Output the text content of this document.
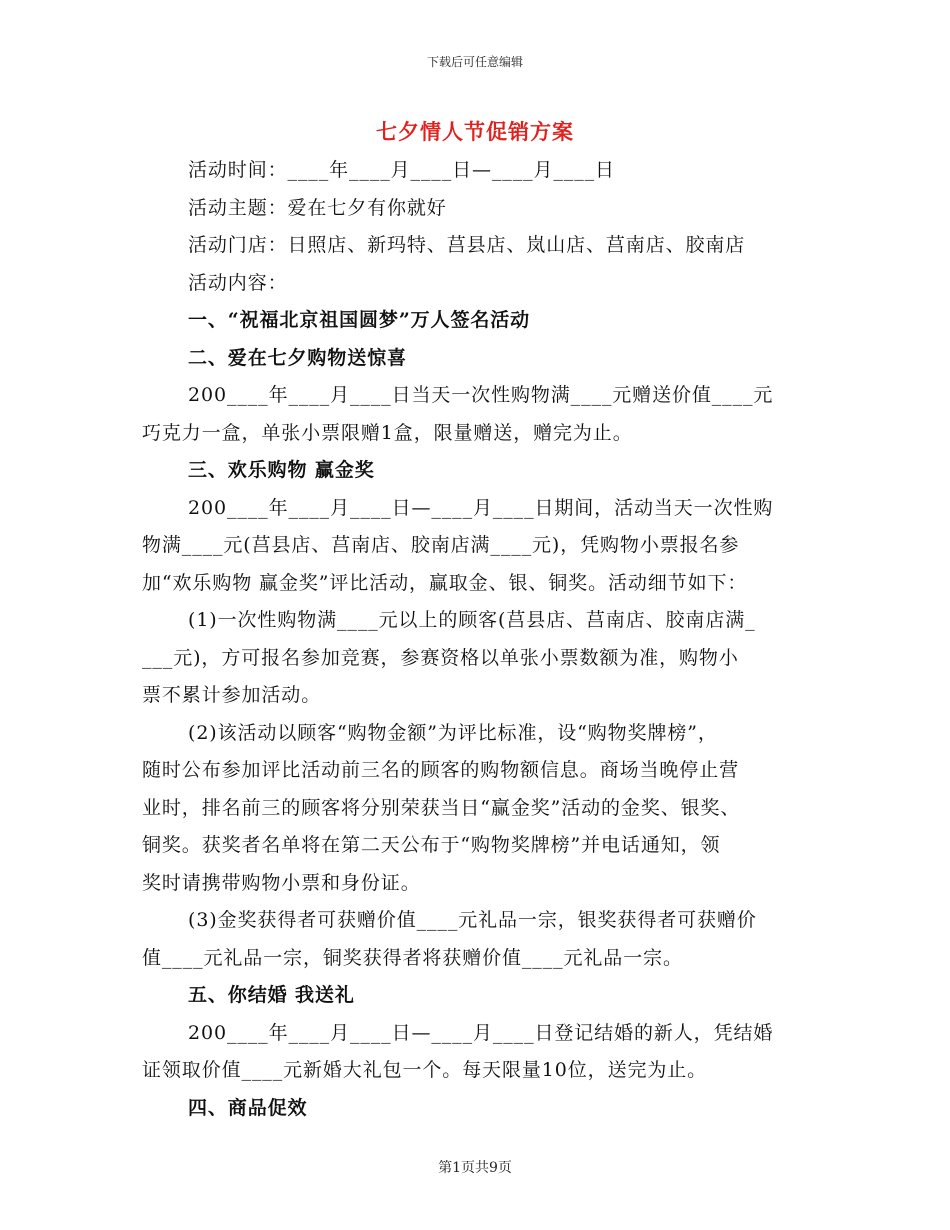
下载后可任意编辑
七夕情人节促销方案
活动时间：____年____月____日—____月____日
活动主题：爱在七夕有你就好
活动门店：日照店、新玛特、莒县店、岚山店、莒南店、胶南店
活动内容：
一、“祝福北京祖国圆梦”万人签名活动
二、爱在七夕购物送惊喜
200____年____月____日当天一次性购物满____元赠送价值____元
巧克力一盒，单张小票限赠1盒，限量赠送，赠完为止。
三、欢乐购物 赢金奖
200____年____月____日—____月____日期间，活动当天一次性购
物满____元(莒县店、莒南店、胶南店满____元)，凭购物小票报名参
加“欢乐购物 赢金奖”评比活动，赢取金、银、铜奖。活动细节如下：
(1)一次性购物满____元以上的顾客(莒县店、莒南店、胶南店满_
___元)，方可报名参加竞赛，参赛资格以单张小票数额为准，购物小
票不累计参加活动。
(2)该活动以顾客“购物金额”为评比标准，设“购物奖牌榜”，
随时公布参加评比活动前三名的顾客的购物额信息。商场当晚停止营
业时，排名前三的顾客将分别荣获当日“赢金奖”活动的金奖、银奖、
铜奖。获奖者名单将在第二天公布于“购物奖牌榜”并电话通知，领
奖时请携带购物小票和身份证。
(3)金奖获得者可获赠价值____元礼品一宗，银奖获得者可获赠价
值____元礼品一宗，铜奖获得者将获赠价值____元礼品一宗。
五、你结婚 我送礼
200____年____月____日—____月____日登记结婚的新人，凭结婚
证领取价值____元新婚大礼包一个。每天限量10位，送完为止。
四、商品促效
第1页共9页
